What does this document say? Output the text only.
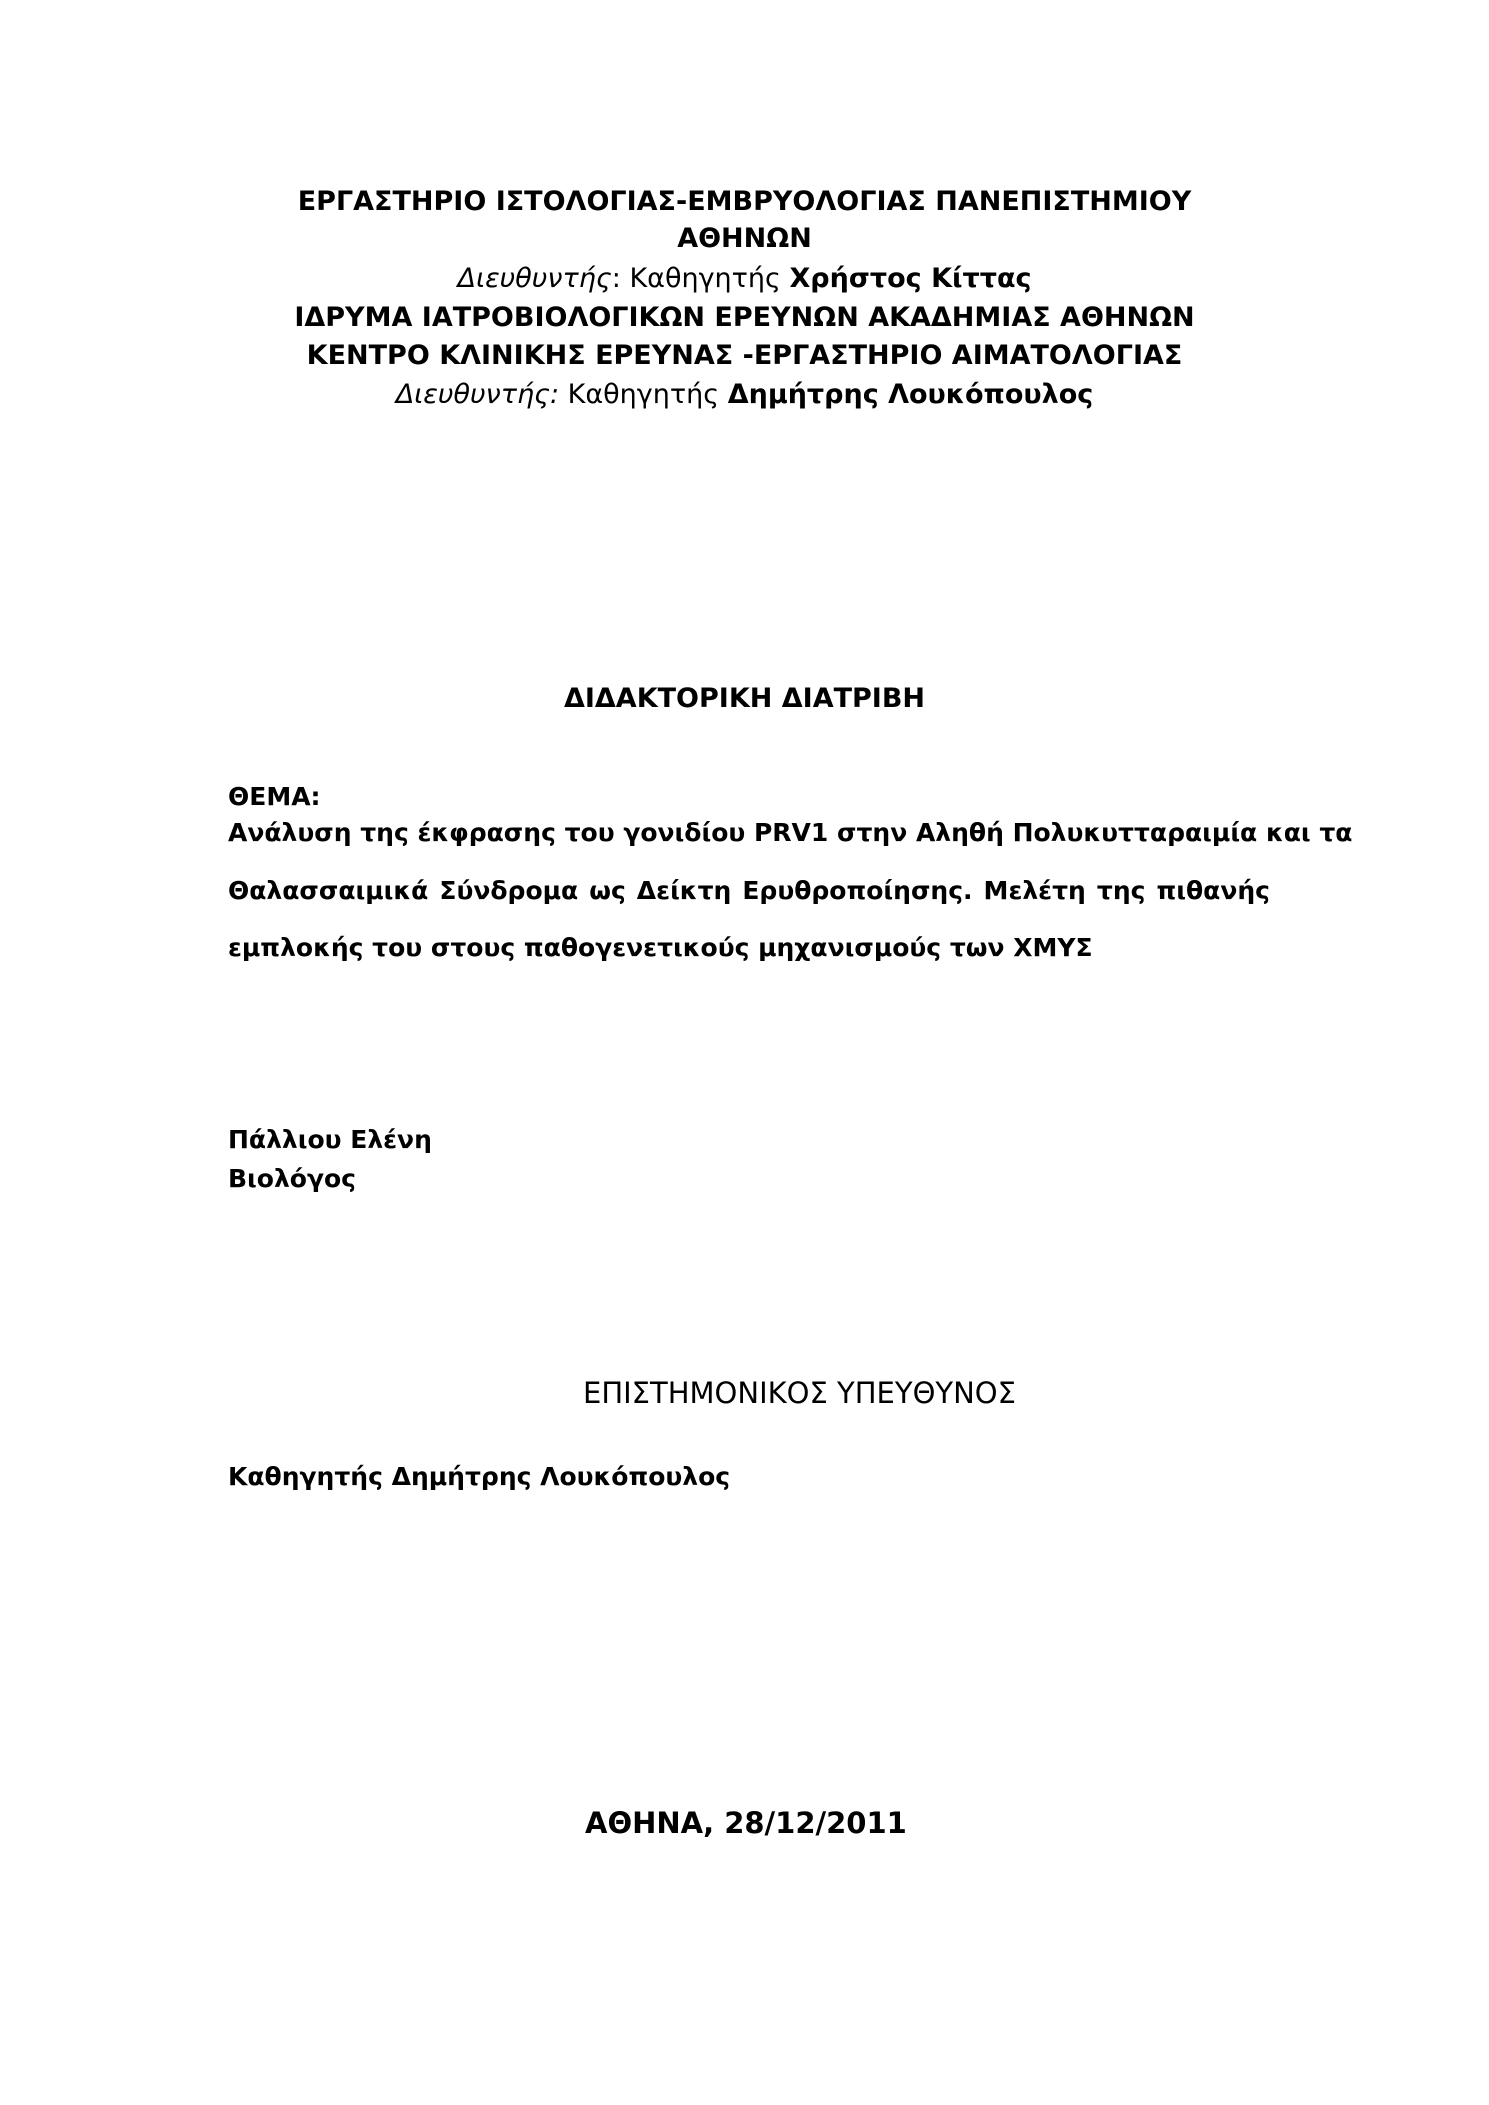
ΕΡΓΑΣΤΗΡΙΟ ΙΣΤΟΛΟΓΙΑΣ-ΕΜΒΡΥΟΛΟΓΙΑΣ ΠΑΝΕΠΙΣΤΗΜΙΟΥ
ΑΘΗΝΩΝ
Διευθυντής: Καθηγητής Χρήστος Κίττας
ΙΔΡΥΜΑ ΙΑΤΡΟΒΙΟΛΟΓΙΚΩΝ ΕΡΕΥΝΩΝ ΑΚΑΔΗΜΙΑΣ ΑΘΗΝΩΝ
ΚΕΝΤΡΟ ΚΛΙΝΙΚΗΣ ΕΡΕΥΝΑΣ -ΕΡΓΑΣΤΗΡΙΟ ΑΙΜΑΤΟΛΟΓΙΑΣ
Διευθυντής: Καθηγητής Δημήτρης Λουκόπουλος
ΔΙΔΑΚΤΟΡΙΚΗ ΔΙΑΤΡΙΒΗ
ΘΕΜΑ:
Ανάλυση της έκφρασης του γονιδίου PRV1 στην Αληθή Πολυκυτταραιμία και τα
Θαλασσαιμικά Σύνδρομα ως Δείκτη Ερυθροποίησης. Μελέτη της πιθανής
εμπλοκής του στους παθογενετικούς μηχανισμούς των ΧΜΥΣ
Πάλλιου Ελένη
Βιολόγος
ΕΠΙΣΤΗΜΟΝΙΚΟΣ ΥΠΕΥΘΥΝΟΣ
Καθηγητής Δημήτρης Λουκόπουλος
ΑΘΗΝΑ, 28/12/2011
